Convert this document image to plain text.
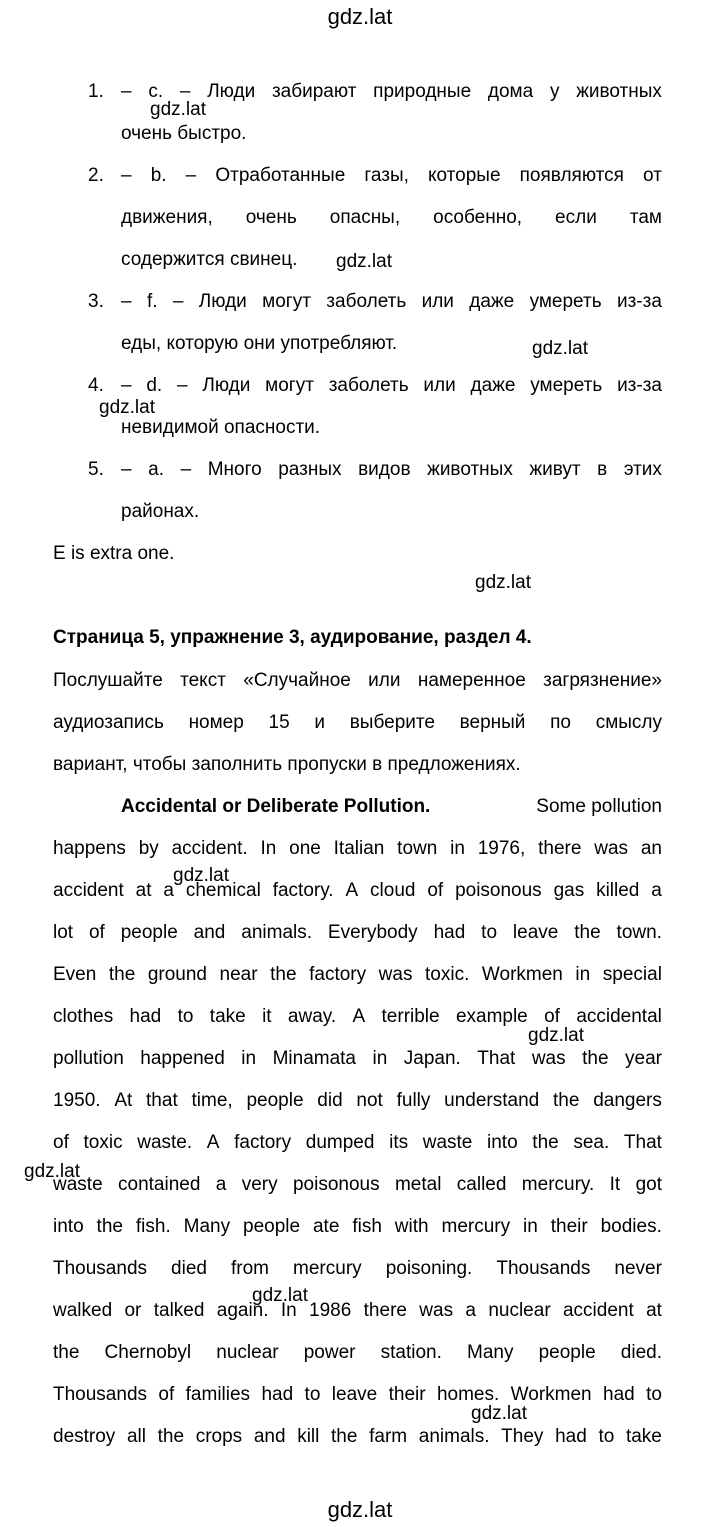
gdz.lat
1. – с. – Люди забирают природные дома у животных
очень быстро.
2. – b. – Отработанные газы, которые появляются от
движения, очень опасны, особенно, если там
содержится свинец.
3. – f. – Люди могут заболеть или даже умереть из-за
еды, которую они употребляют.
4. – d. – Люди могут заболеть или даже умереть из-за
невидимой опасности.
5. – a. – Много разных видов животных живут в этих
районах.
E is extra one.
Страница 5, упражнение 3, аудирование, раздел 4.
Послушайте текст «Случайное или намеренное загрязнение»
аудиозапись номер 15 и выберите верный по смыслу
вариант, чтобы заполнить пропуски в предложениях.
Accidental or Deliberate Pollution.	Some pollution
happens by accident. In one Italian town in 1976, there was an
accident at a chemical factory. A cloud of poisonous gas killed a
lot of people and animals. Everybody had to leave the town.
Even the ground near the factory was toxic. Workmen in special
clothes had to take it away. A terrible example of accidental
pollution happened in Minamata in Japan. That was the year
1950. At that time, people did not fully understand the dangers
of toxic waste. A factory dumped its waste into the sea. That
waste contained a very poisonous metal called mercury. It got
into the fish. Many people ate fish with mercury in their bodies.
Thousands died from mercury poisoning. Thousands never
walked or talked again. In 1986 there was a nuclear accident at
the Chernobyl nuclear power station. Many people died.
Thousands of families had to leave their homes. Workmen had to
destroy all the crops and kill the farm animals. They had to take
gdz.lat
gdz.lat
gdz.lat
gdz.lat
gdz.lat
gdz.lat
gdz.lat
gdz.lat
gdz.lat
gdz.lat
gdz.lat
